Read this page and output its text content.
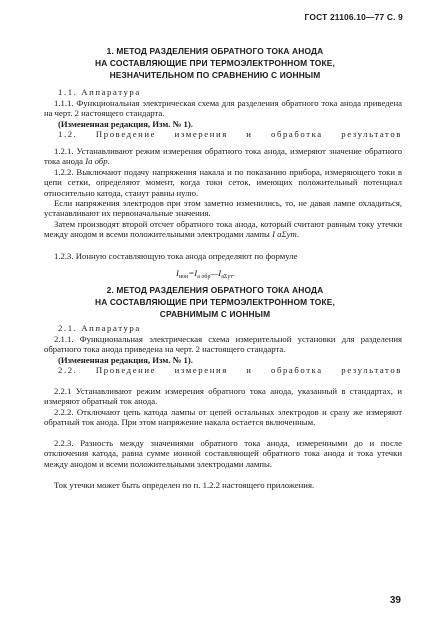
ГОСТ 21106.10—77 С. 9
1. МЕТОД РАЗДЕЛЕНИЯ ОБРАТНОГО ТОКА АНОДА
НА СОСТАВЛЯЮЩИЕ ПРИ ТЕРМОЭЛЕКТРОННОМ ТОКЕ,
НЕЗНАЧИТЕЛЬНОМ ПО СРАВНЕНИЮ С ИОННЫМ
1.1. Аппаратура

1.1.1. Функциональная электрическая схема для разделения обратного тока анода приведена на черт. 2 настоящего стандарта.

(Измененная редакция, Изм. № 1).
1.2. Проведение измерения и обработка результатов

1.2.1. Устанавливают режим измерения обратного тока анода, измеряют значение обратного тока анода Iа обр.

1.2.2. Выключают подачу напряжения накала и по показанию прибора, измеряющего токи в цепи сетки, определяют момент, когда токи сеток, имеющих положительный потенциал относительно катода, станут равны нулю.

Если напряжения электродов при этом заметно изменились, то, не давая лампе охладиться, устанавливают их первоначальные значения.

Затем производят второй отсчет обратного тока анода, который считают равным току утечки между анодом и всеми положительными электродами лампы I aΣут.

1.2.3. Ионную составляющую тока анода определяют по формуле

$I_{ион}=I_{а обр}—I_{a\Sigma ут}$.
2. МЕТОД РАЗДЕЛЕНИЯ ОБРАТНОГО ТОКА АНОДА
НА СОСТАВЛЯЮЩИЕ ПРИ ТЕРМОЭЛЕКТРОННОМ ТОКЕ,
СРАВНИМЫМ С ИОННЫМ
2.1. Аппаратура

2.1.1. Функциональная электрическая схема измерительной установки для разделения обратного тока анода приведена на черт. 2 настоящего стандарта.

(Измененная редакция, Изм. № 1).
2.2. Проведение измерения и обработка результатов

2.2.1 Устанавливают режим измерения обратного тока анода, указанный в стандартах, и измеряют обратный ток анода.

2.2.2. Отключают цепь катода лампы от цепей остальных электродов и сразу же измеряют обратный ток анода. При этом напряжение накала остается включенным.

2.2.3. Разность между значениями обратного тока анода, измеренными до и после отключения катода, равна сумме ионной составляющей обратного тока анода и тока утечки между анодом и всеми положительными электродами лампы.

Ток утечки может быть определен по п. 1.2.2 настоящего приложения.

39
